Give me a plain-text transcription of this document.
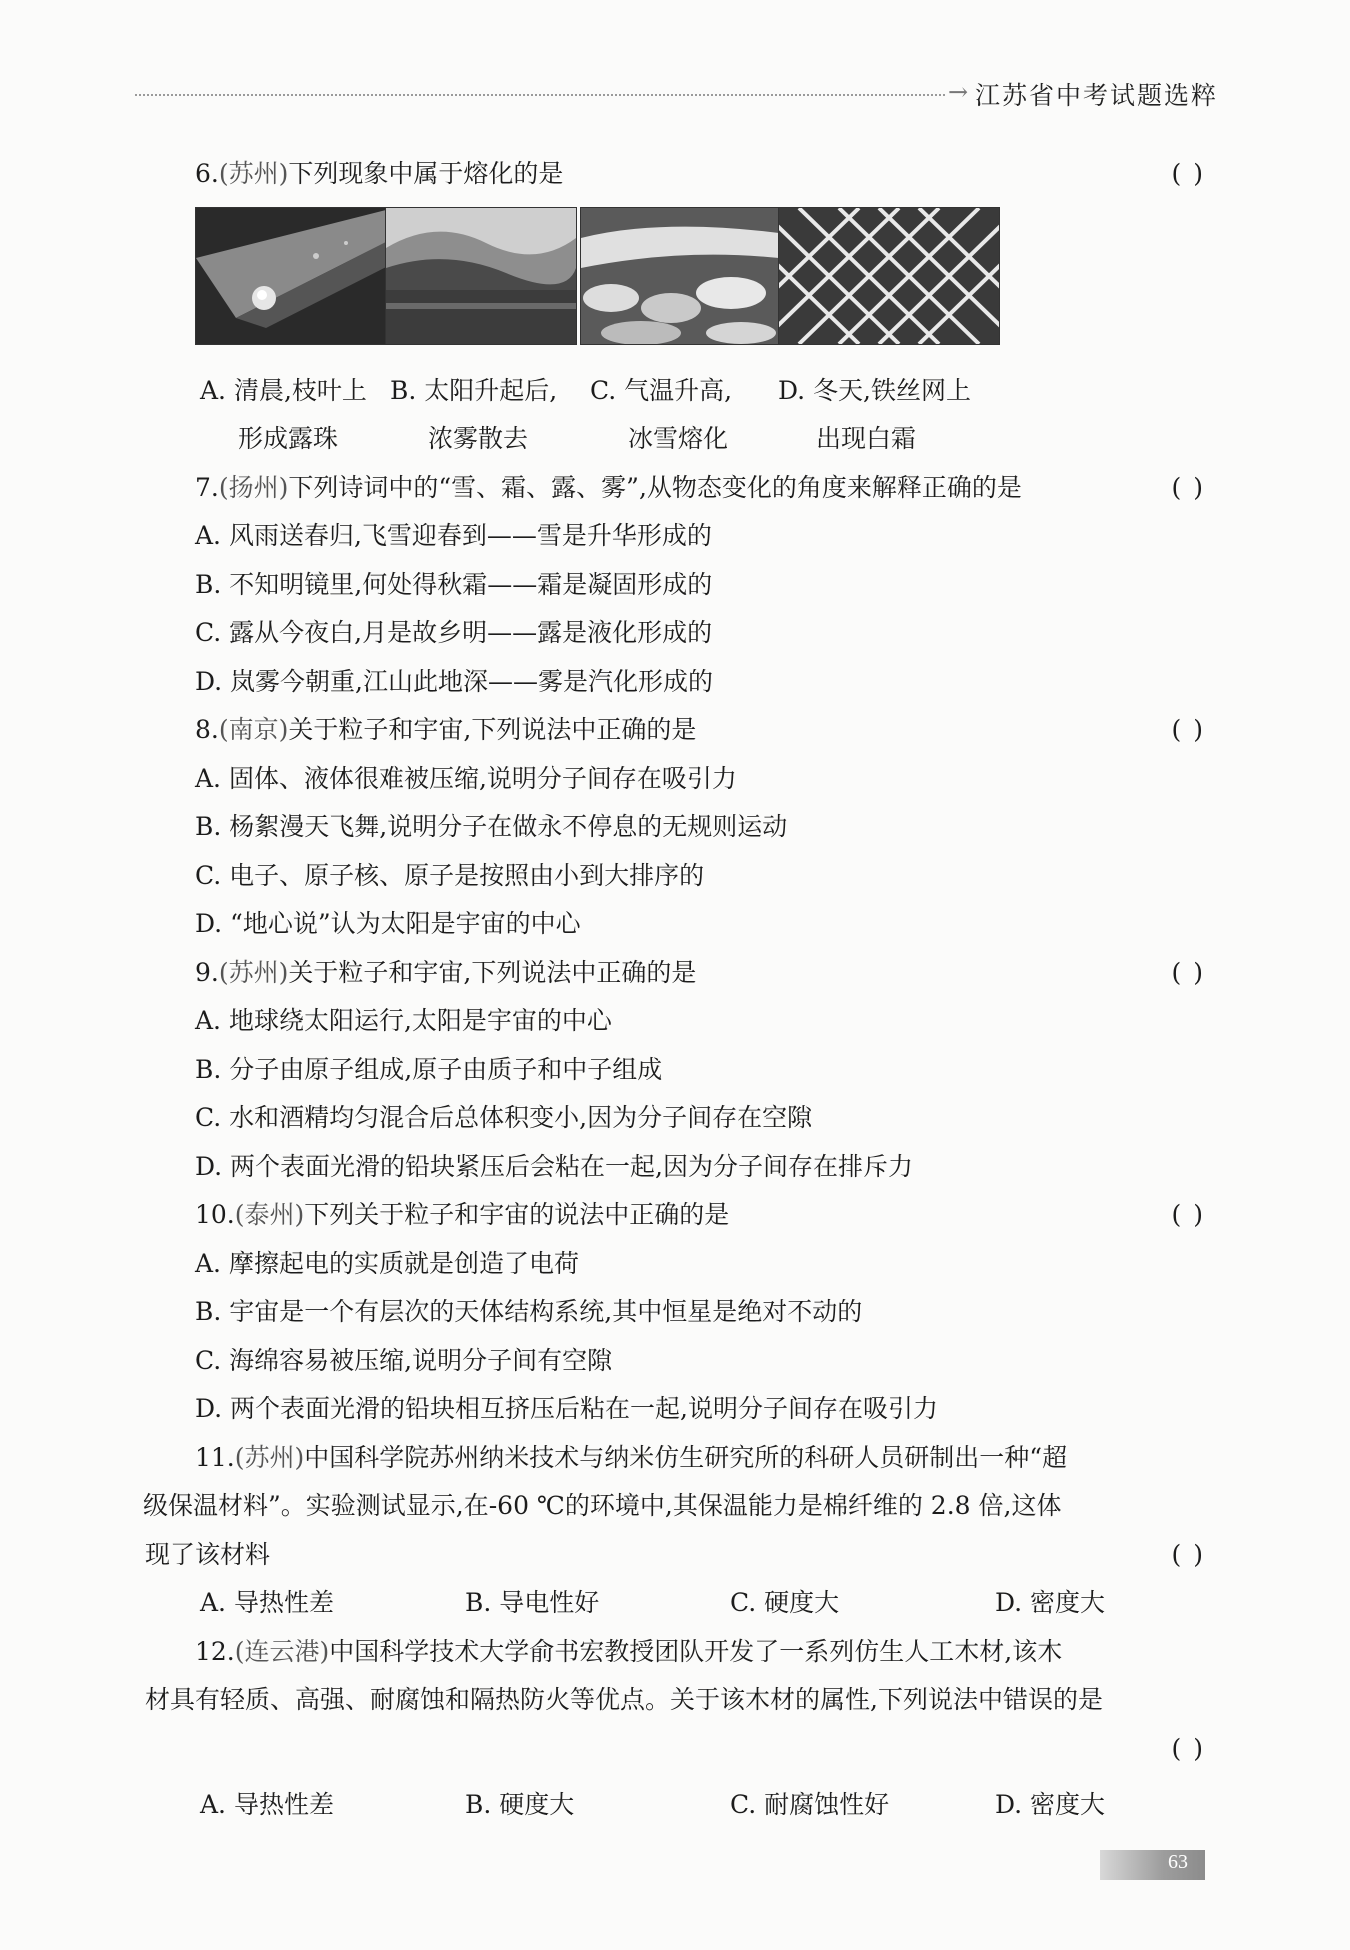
→ 江苏省中考试题选粹
6.(苏州)下列现象中属于熔化的是	( )
A. 清晨,枝叶上
形成露珠
B. 太阳升起后,
浓雾散去
C. 气温升高,
冰雪熔化
D. 冬天,铁丝网上
出现白霜
7.(扬州)下列诗词中的“雪、霜、露、雾”,从物态变化的角度来解释正确的是	( )
A. 风雨送春归,飞雪迎春到——雪是升华形成的
B. 不知明镜里,何处得秋霜——霜是凝固形成的
C. 露从今夜白,月是故乡明——露是液化形成的
D. 岚雾今朝重,江山此地深——雾是汽化形成的
8.(南京)关于粒子和宇宙,下列说法中正确的是	( )
A. 固体、液体很难被压缩,说明分子间存在吸引力
B. 杨絮漫天飞舞,说明分子在做永不停息的无规则运动
C. 电子、原子核、原子是按照由小到大排序的
D. “地心说”认为太阳是宇宙的中心
9.(苏州)关于粒子和宇宙,下列说法中正确的是	( )
A. 地球绕太阳运行,太阳是宇宙的中心
B. 分子由原子组成,原子由质子和中子组成
C. 水和酒精均匀混合后总体积变小,因为分子间存在空隙
D. 两个表面光滑的铅块紧压后会粘在一起,因为分子间存在排斥力
10.(泰州)下列关于粒子和宇宙的说法中正确的是	( )
A. 摩擦起电的实质就是创造了电荷
B. 宇宙是一个有层次的天体结构系统,其中恒星是绝对不动的
C. 海绵容易被压缩,说明分子间有空隙
D. 两个表面光滑的铅块相互挤压后粘在一起,说明分子间存在吸引力
11.(苏州)中国科学院苏州纳米技术与纳米仿生研究所的科研人员研制出一种“超
级保温材料”。实验测试显示,在-60 ℃的环境中,其保温能力是棉纤维的 2.8 倍,这体
现了该材料	( )
A. 导热性差	B. 导电性好	C. 硬度大	D. 密度大
12.(连云港)中国科学技术大学俞书宏教授团队开发了一系列仿生人工木材,该木
材具有轻质、高强、耐腐蚀和隔热防火等优点。关于该木材的属性,下列说法中错误的是
( )
A. 导热性差	B. 硬度大	C. 耐腐蚀性好	D. 密度大
63
